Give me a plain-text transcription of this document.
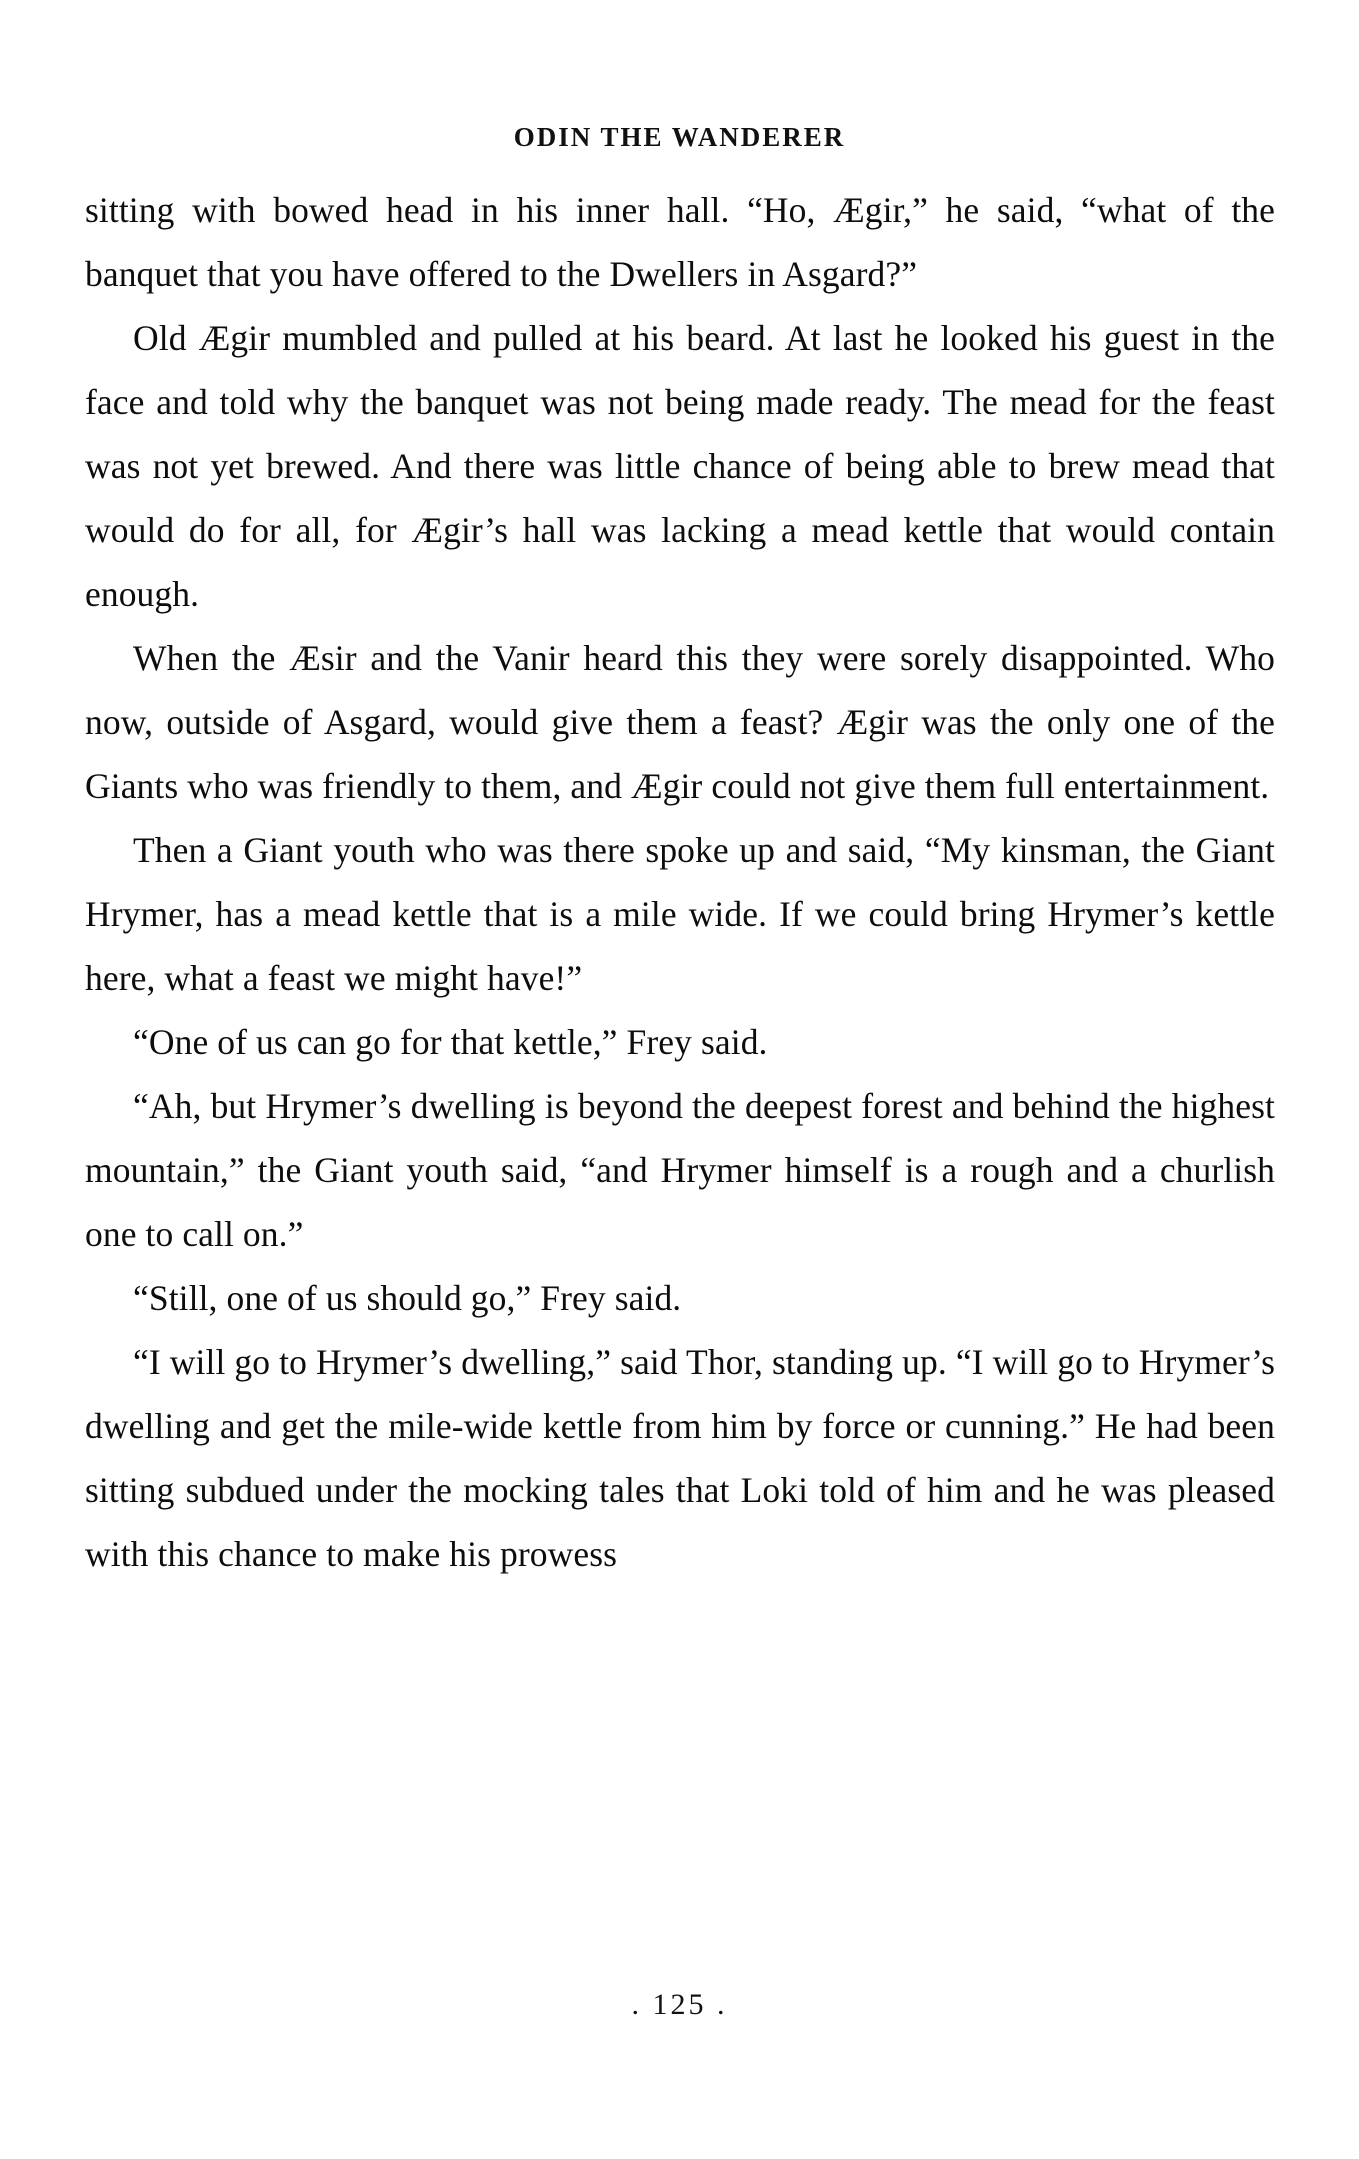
ODIN THE WANDERER

sitting with bowed head in his inner hall. “Ho, Ægir,” he said, “what of the banquet that you have offered to the Dwellers in Asgard?”

Old Ægir mumbled and pulled at his beard. At last he looked his guest in the face and told why the banquet was not being made ready. The mead for the feast was not yet brewed. And there was little chance of being able to brew mead that would do for all, for Ægir’s hall was lacking a mead kettle that would contain enough.

When the Æsir and the Vanir heard this they were sorely disappointed. Who now, outside of Asgard, would give them a feast? Ægir was the only one of the Giants who was friendly to them, and Ægir could not give them full entertainment.

Then a Giant youth who was there spoke up and said, “My kinsman, the Giant Hrymer, has a mead kettle that is a mile wide. If we could bring Hrymer’s kettle here, what a feast we might have!”

“One of us can go for that kettle,” Frey said.

“Ah, but Hrymer’s dwelling is beyond the deepest forest and behind the highest mountain,” the Giant youth said, “and Hrymer himself is a rough and a churlish one to call on.”

“Still, one of us should go,” Frey said.

“I will go to Hrymer’s dwelling,” said Thor, standing up. “I will go to Hrymer’s dwelling and get the mile-wide kettle from him by force or cunning.” He had been sitting subdued under the mocking tales that Loki told of him and he was pleased with this chance to make his prowess

. 125 .
